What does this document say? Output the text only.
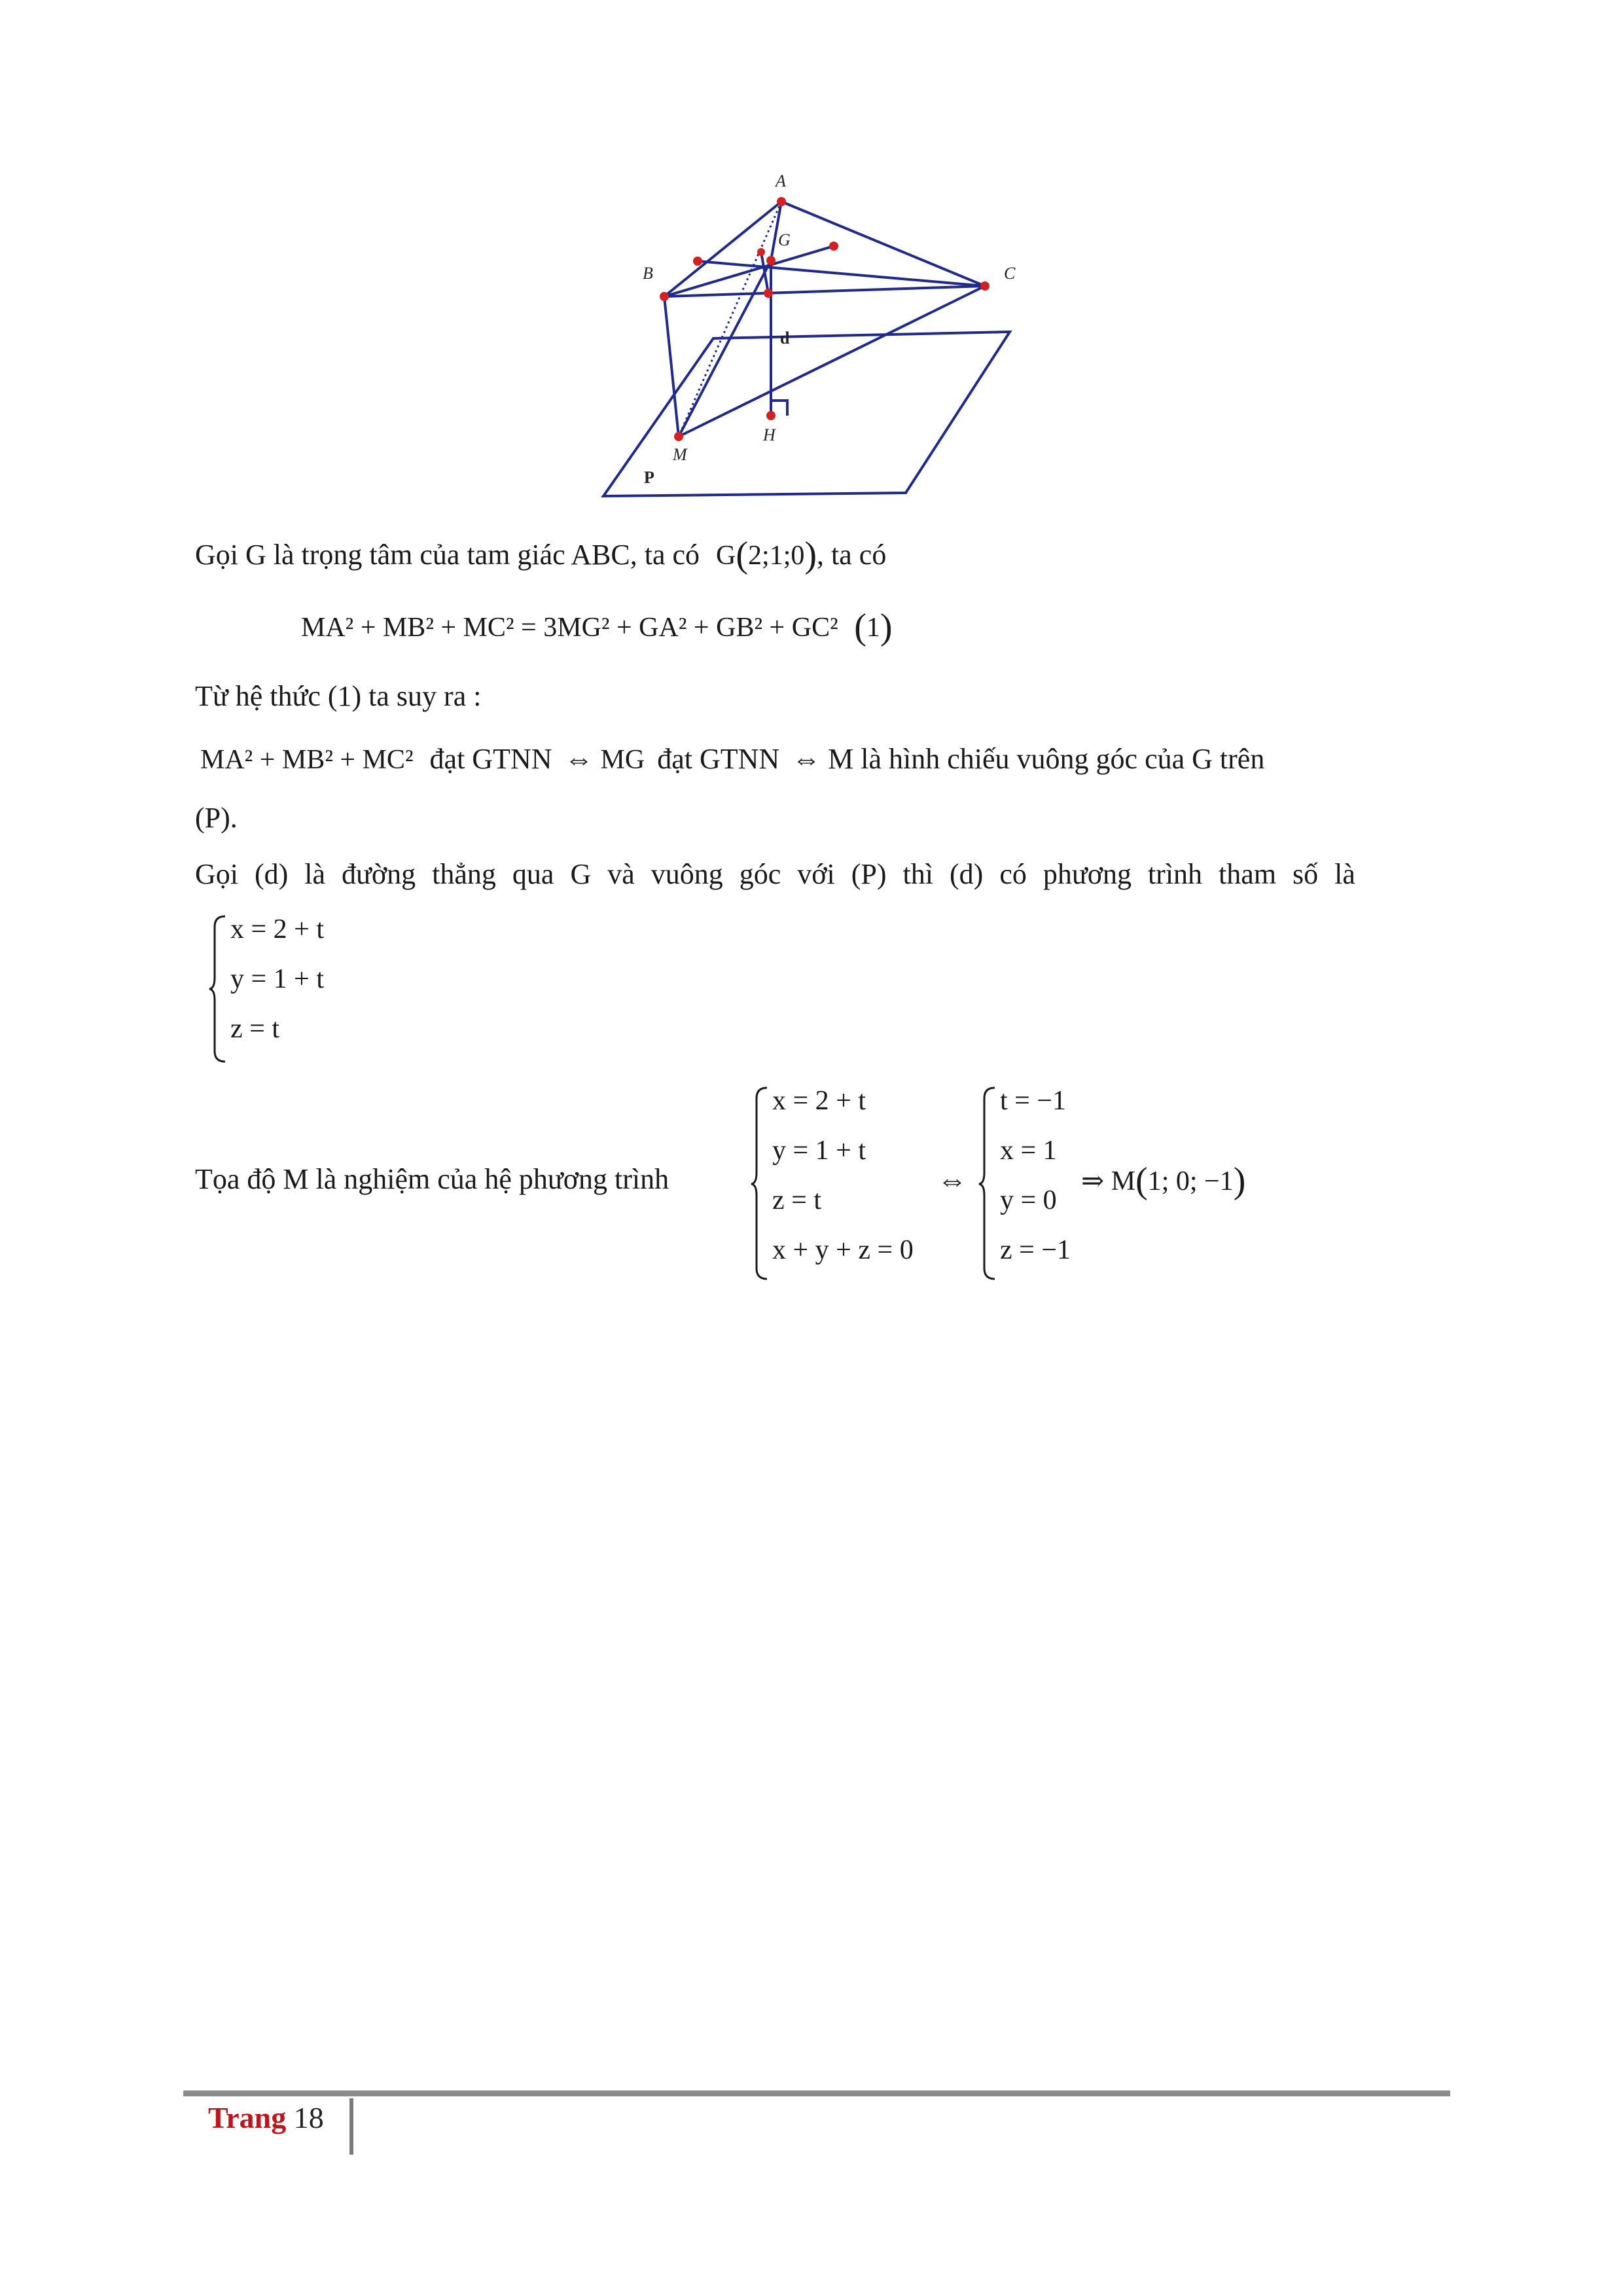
A
B	C
G
M
H
d
P
Gọi G là trọng tâm của tam giác ABC, ta có G(2;1;0), ta có
MA² + MB² + MC² = 3MG² + GA² + GB² + GC² (1)
Từ hệ thức (1) ta suy ra :
MA² + MB² + MC² đạt GTNN ⇔ MG đạt GTNN ⇔ M là hình chiếu vuông góc của G trên
(P).
Gọi (d) là đường thẳng qua G và vuông góc với (P) thì (d) có phương trình tham số là
x = 2 + t
y = 1 + t
z = t
Tọa độ M là nghiệm của hệ phương trình
x = 2 + t
y = 1 + t
z = t
x + y + z = 0
⇔
t = −1
x = 1
y = 0
z = −1
⇒ M(1; 0; −1)
Trang 18
